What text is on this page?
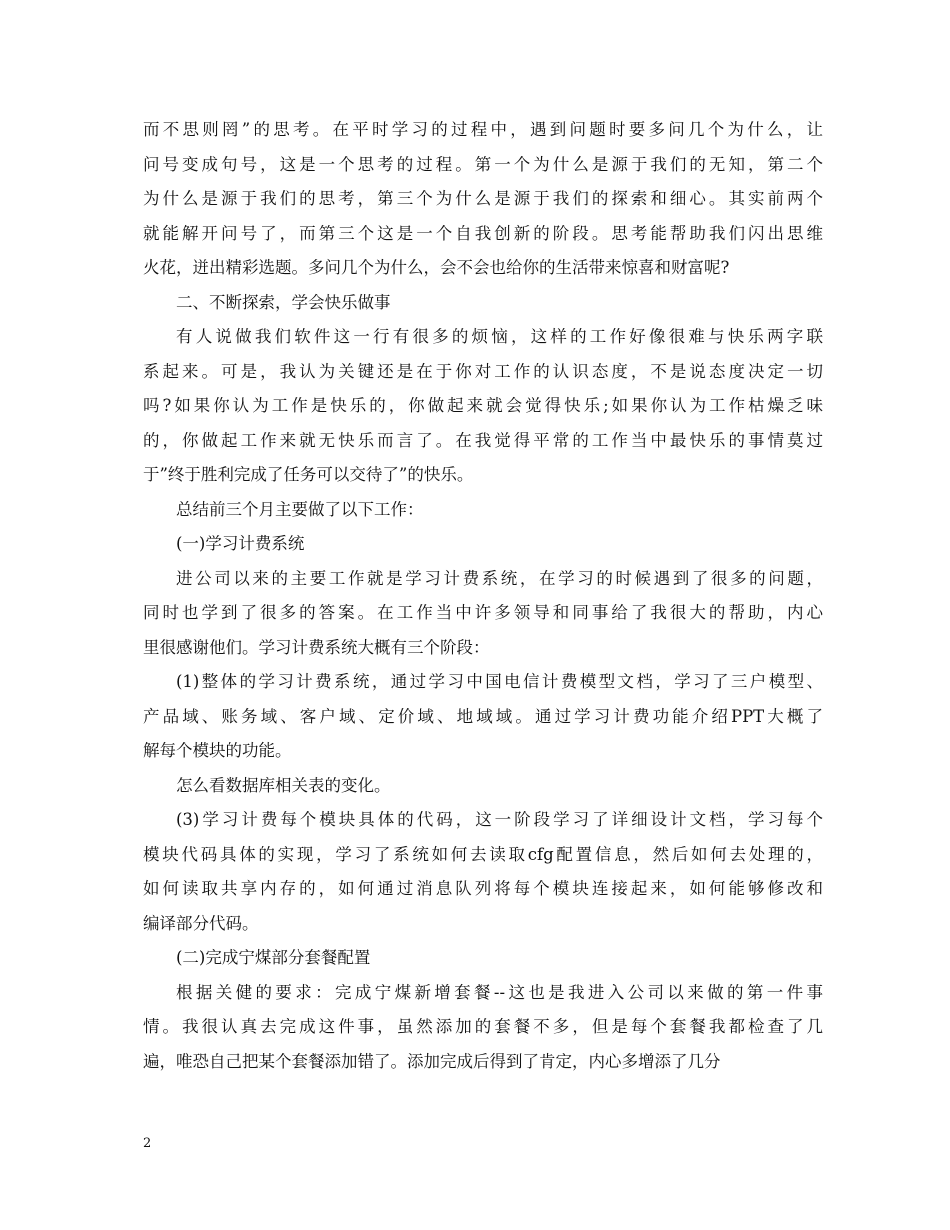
而不思则罔”的思考。在平时学习的过程中，遇到问题时要多问几个为什么，让
问号变成句号，这是一个思考的过程。第一个为什么是源于我们的无知，第二个
为什么是源于我们的思考，第三个为什么是源于我们的探索和细心。其实前两个
就能解开问号了，而第三个这是一个自我创新的阶段。思考能帮助我们闪出思维
火花，迸出精彩选题。多问几个为什么，会不会也给你的生活带来惊喜和财富呢?
二、不断探索，学会快乐做事
有人说做我们软件这一行有很多的烦恼，这样的工作好像很难与快乐两字联
系起来。可是，我认为关键还是在于你对工作的认识态度，不是说态度决定一切
吗?如果你认为工作是快乐的，你做起来就会觉得快乐;如果你认为工作枯燥乏味
的，你做起工作来就无快乐而言了。在我觉得平常的工作当中最快乐的事情莫过
于”终于胜利完成了任务可以交待了”的快乐。
总结前三个月主要做了以下工作：
(一)学习计费系统
进公司以来的主要工作就是学习计费系统，在学习的时候遇到了很多的问题，
同时也学到了很多的答案。在工作当中许多领导和同事给了我很大的帮助，内心
里很感谢他们。学习计费系统大概有三个阶段：
(1)整体的学习计费系统，通过学习中国电信计费模型文档，学习了三户模型、
产品域、账务域、客户域、定价域、地域域。通过学习计费功能介绍PPT大概了
解每个模块的功能。
怎么看数据库相关表的变化。
(3)学习计费每个模块具体的代码，这一阶段学习了详细设计文档，学习每个
模块代码具体的实现，学习了系统如何去读取cfg配置信息，然后如何去处理的，
如何读取共享内存的，如何通过消息队列将每个模块连接起来，如何能够修改和
编译部分代码。
(二)完成宁煤部分套餐配置
根据关健的要求：完成宁煤新增套餐--这也是我进入公司以来做的第一件事
情。我很认真去完成这件事，虽然添加的套餐不多，但是每个套餐我都检查了几
遍，唯恐自己把某个套餐添加错了。添加完成后得到了肯定，内心多增添了几分
2
